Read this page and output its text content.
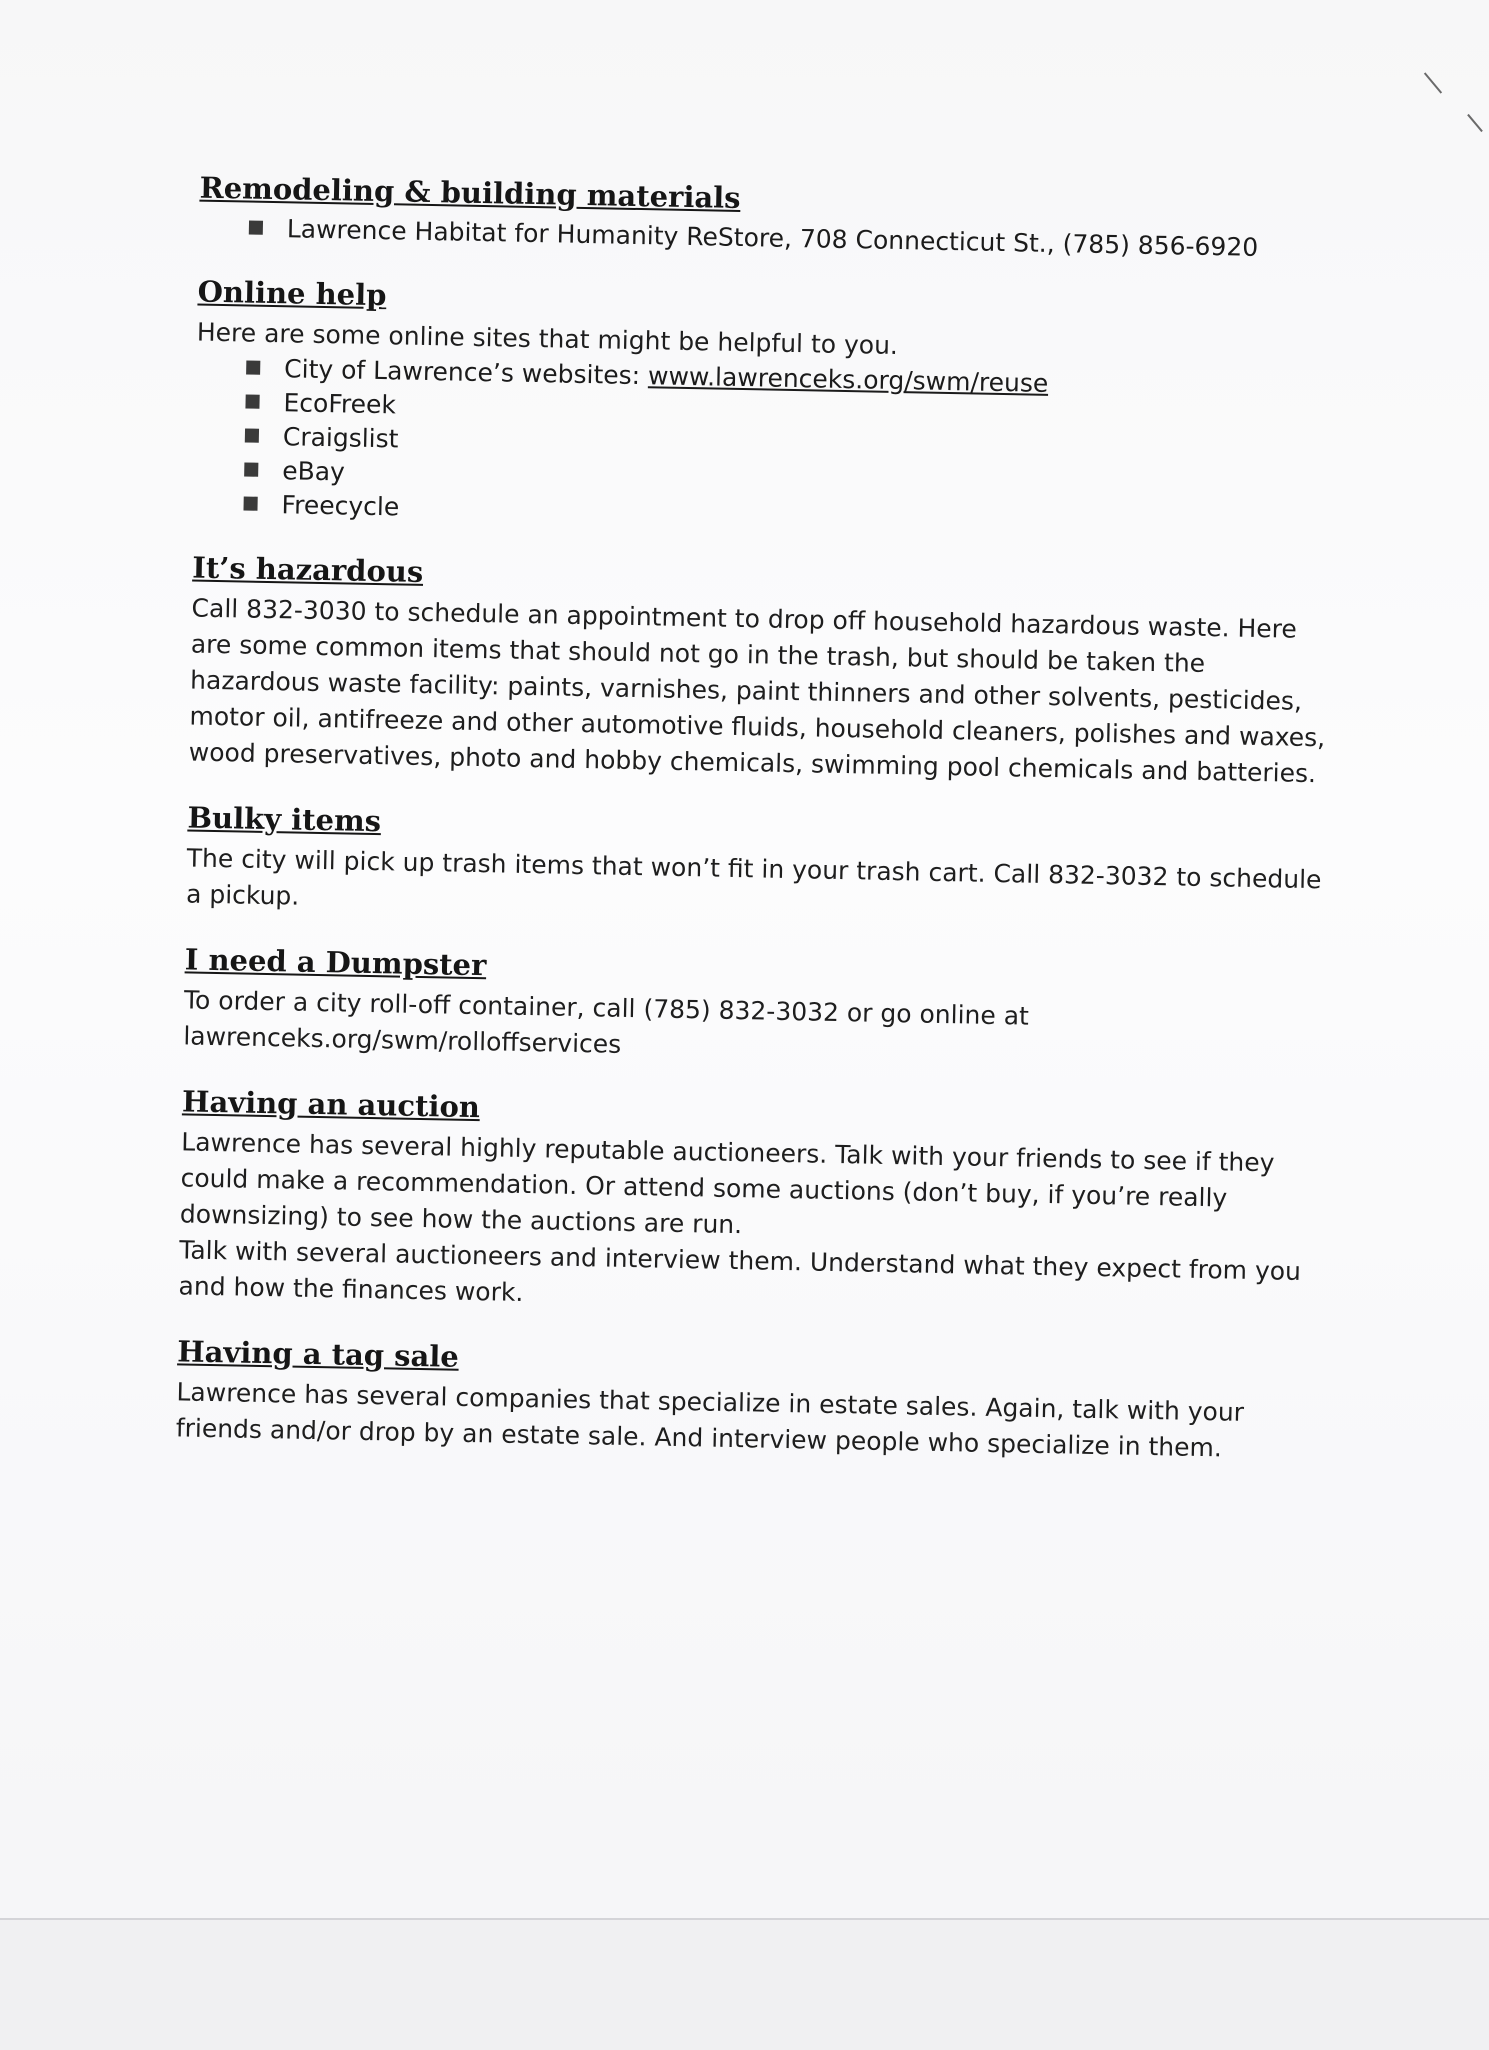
Remodeling & building materials
Lawrence Habitat for Humanity ReStore, 708 Connecticut St., (785) 856-6920
Online help

Here are some online sites that might be helpful to you.

City of Lawrence’s websites: www.lawrenceks.org/swm/reuse
EcoFreek
Craigslist
eBay
Freecycle
It’s hazardous

Call 832-3030 to schedule an appointment to drop off household hazardous waste. Here are some common items that should not go in the trash, but should be taken the hazardous waste facility: paints, varnishes, paint thinners and other solvents, pesticides, motor oil, antifreeze and other automotive fluids, household cleaners, polishes and waxes, wood preservatives, photo and hobby chemicals, swimming pool chemicals and batteries.

Bulky items

The city will pick up trash items that won’t fit in your trash cart. Call 832-3032 to schedule a pickup.

I need a Dumpster

To order a city roll-off container, call (785) 832-3032 or go online at

lawrenceks.org/swm/rolloffservices

Having an auction

Lawrence has several highly reputable auctioneers. Talk with your friends to see if they could make a recommendation. Or attend some auctions (don’t buy, if you’re really downsizing) to see how the auctions are run.

Talk with several auctioneers and interview them. Understand what they expect from you and how the finances work.

Having a tag sale

Lawrence has several companies that specialize in estate sales. Again, talk with your friends and/or drop by an estate sale. And interview people who specialize in them.
